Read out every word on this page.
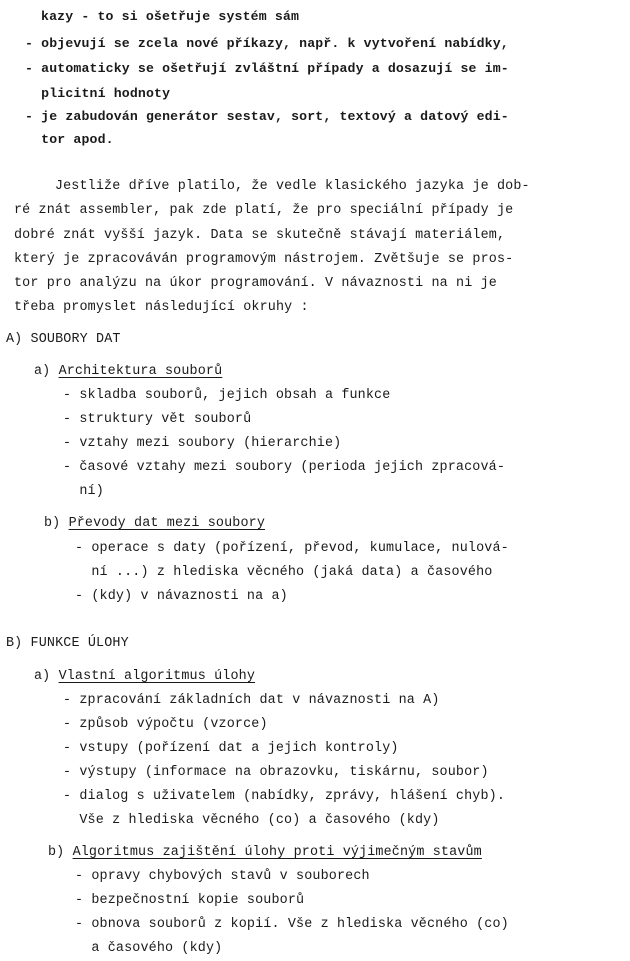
kazy - to si ošetřuje systém sám
- objevují se zcela nové příkazy, např. k vytvoření nabídky,
- automaticky se ošetřují zvláštní případy a dosazují se im-
plicitní hodnoty
- je zabudován generátor sestav, sort, textový a datový edi-
tor apod.
Jestliže dříve platilo, že vedle klasického jazyka je dob-
ré znát assembler, pak zde platí, že pro speciální případy je
dobré znát vyšší jazyk. Data se skutečně stávají materiálem,
který je zpracováván programovým nástrojem. Zvětšuje se pros-
tor pro analýzu na úkor programování. V návaznosti na ni je
třeba promyslet následující okruhy :
A) SOUBORY DAT
a) Architektura souborů
- skladba souborů, jejich obsah a funkce
- struktury vět souborů
- vztahy mezi soubory (hierarchie)
- časové vztahy mezi soubory (perioda jejich zpracová-
ní)
b) Převody dat mezi soubory
- operace s daty (pořízení, převod, kumulace, nulová-
ní ...) z hlediska věcného (jaká data) a časového
- (kdy) v návaznosti na a)
B) FUNKCE ÚLOHY
a) Vlastní algoritmus úlohy
- zpracování základních dat v návaznosti na A)
- způsob výpočtu (vzorce)
- vstupy (pořízení dat a jejich kontroly)
- výstupy (informace na obrazovku, tiskárnu, soubor)
- dialog s uživatelem (nabídky, zprávy, hlášení chyb).
Vše z hlediska věcného (co) a časového (kdy)
b) Algoritmus zajištění úlohy proti výjimečným stavům
- opravy chybových stavů v souborech
- bezpečnostní kopie souborů
- obnova souborů z kopií. Vše z hlediska věcného (co)
a časového (kdy)
